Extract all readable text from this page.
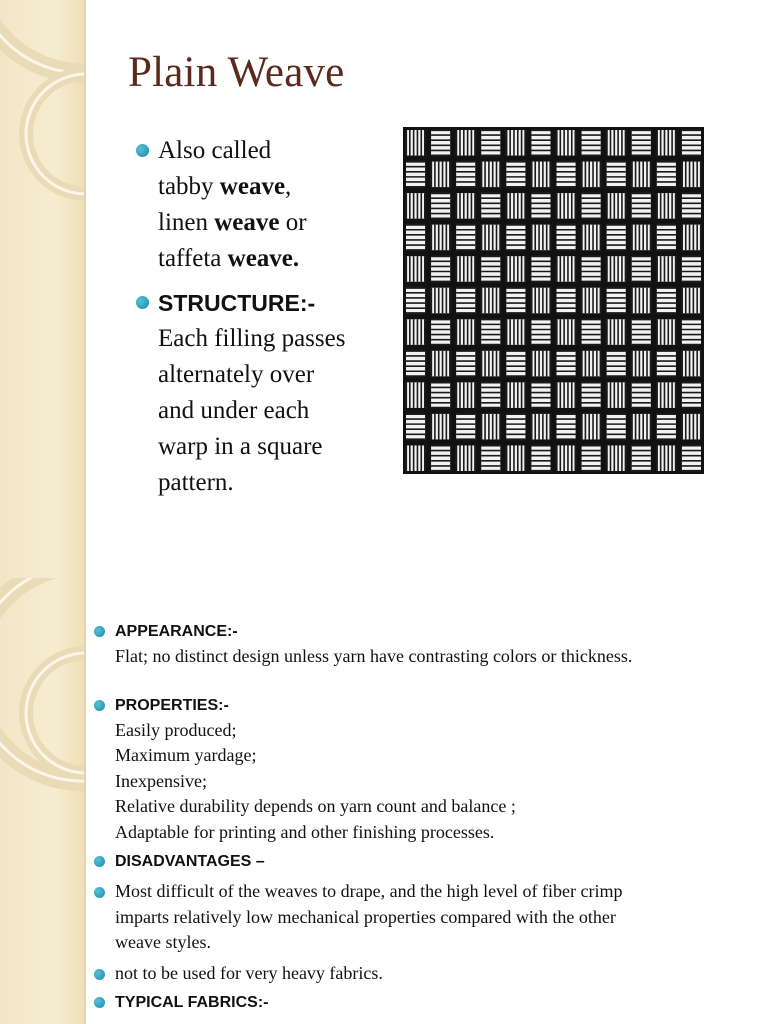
Plain Weave
Also called
tabby weave,
linen weave or
taffeta weave.
STRUCTURE:-
Each filling passes
alternately over
and under each
warp in a square
pattern.
APPEARANCE:-
Flat; no distinct design unless yarn have contrasting colors or thickness.
PROPERTIES:-
Easily produced;
Maximum yardage;
Inexpensive;
Relative durability depends on yarn count and balance ;
Adaptable for printing and other finishing processes.
DISADVANTAGES –
Most difficult of the weaves to drape, and the high level of fiber crimp
imparts relatively low mechanical properties compared with the other
weave styles.
not to be used for very heavy fabrics.
TYPICAL FABRICS:-
